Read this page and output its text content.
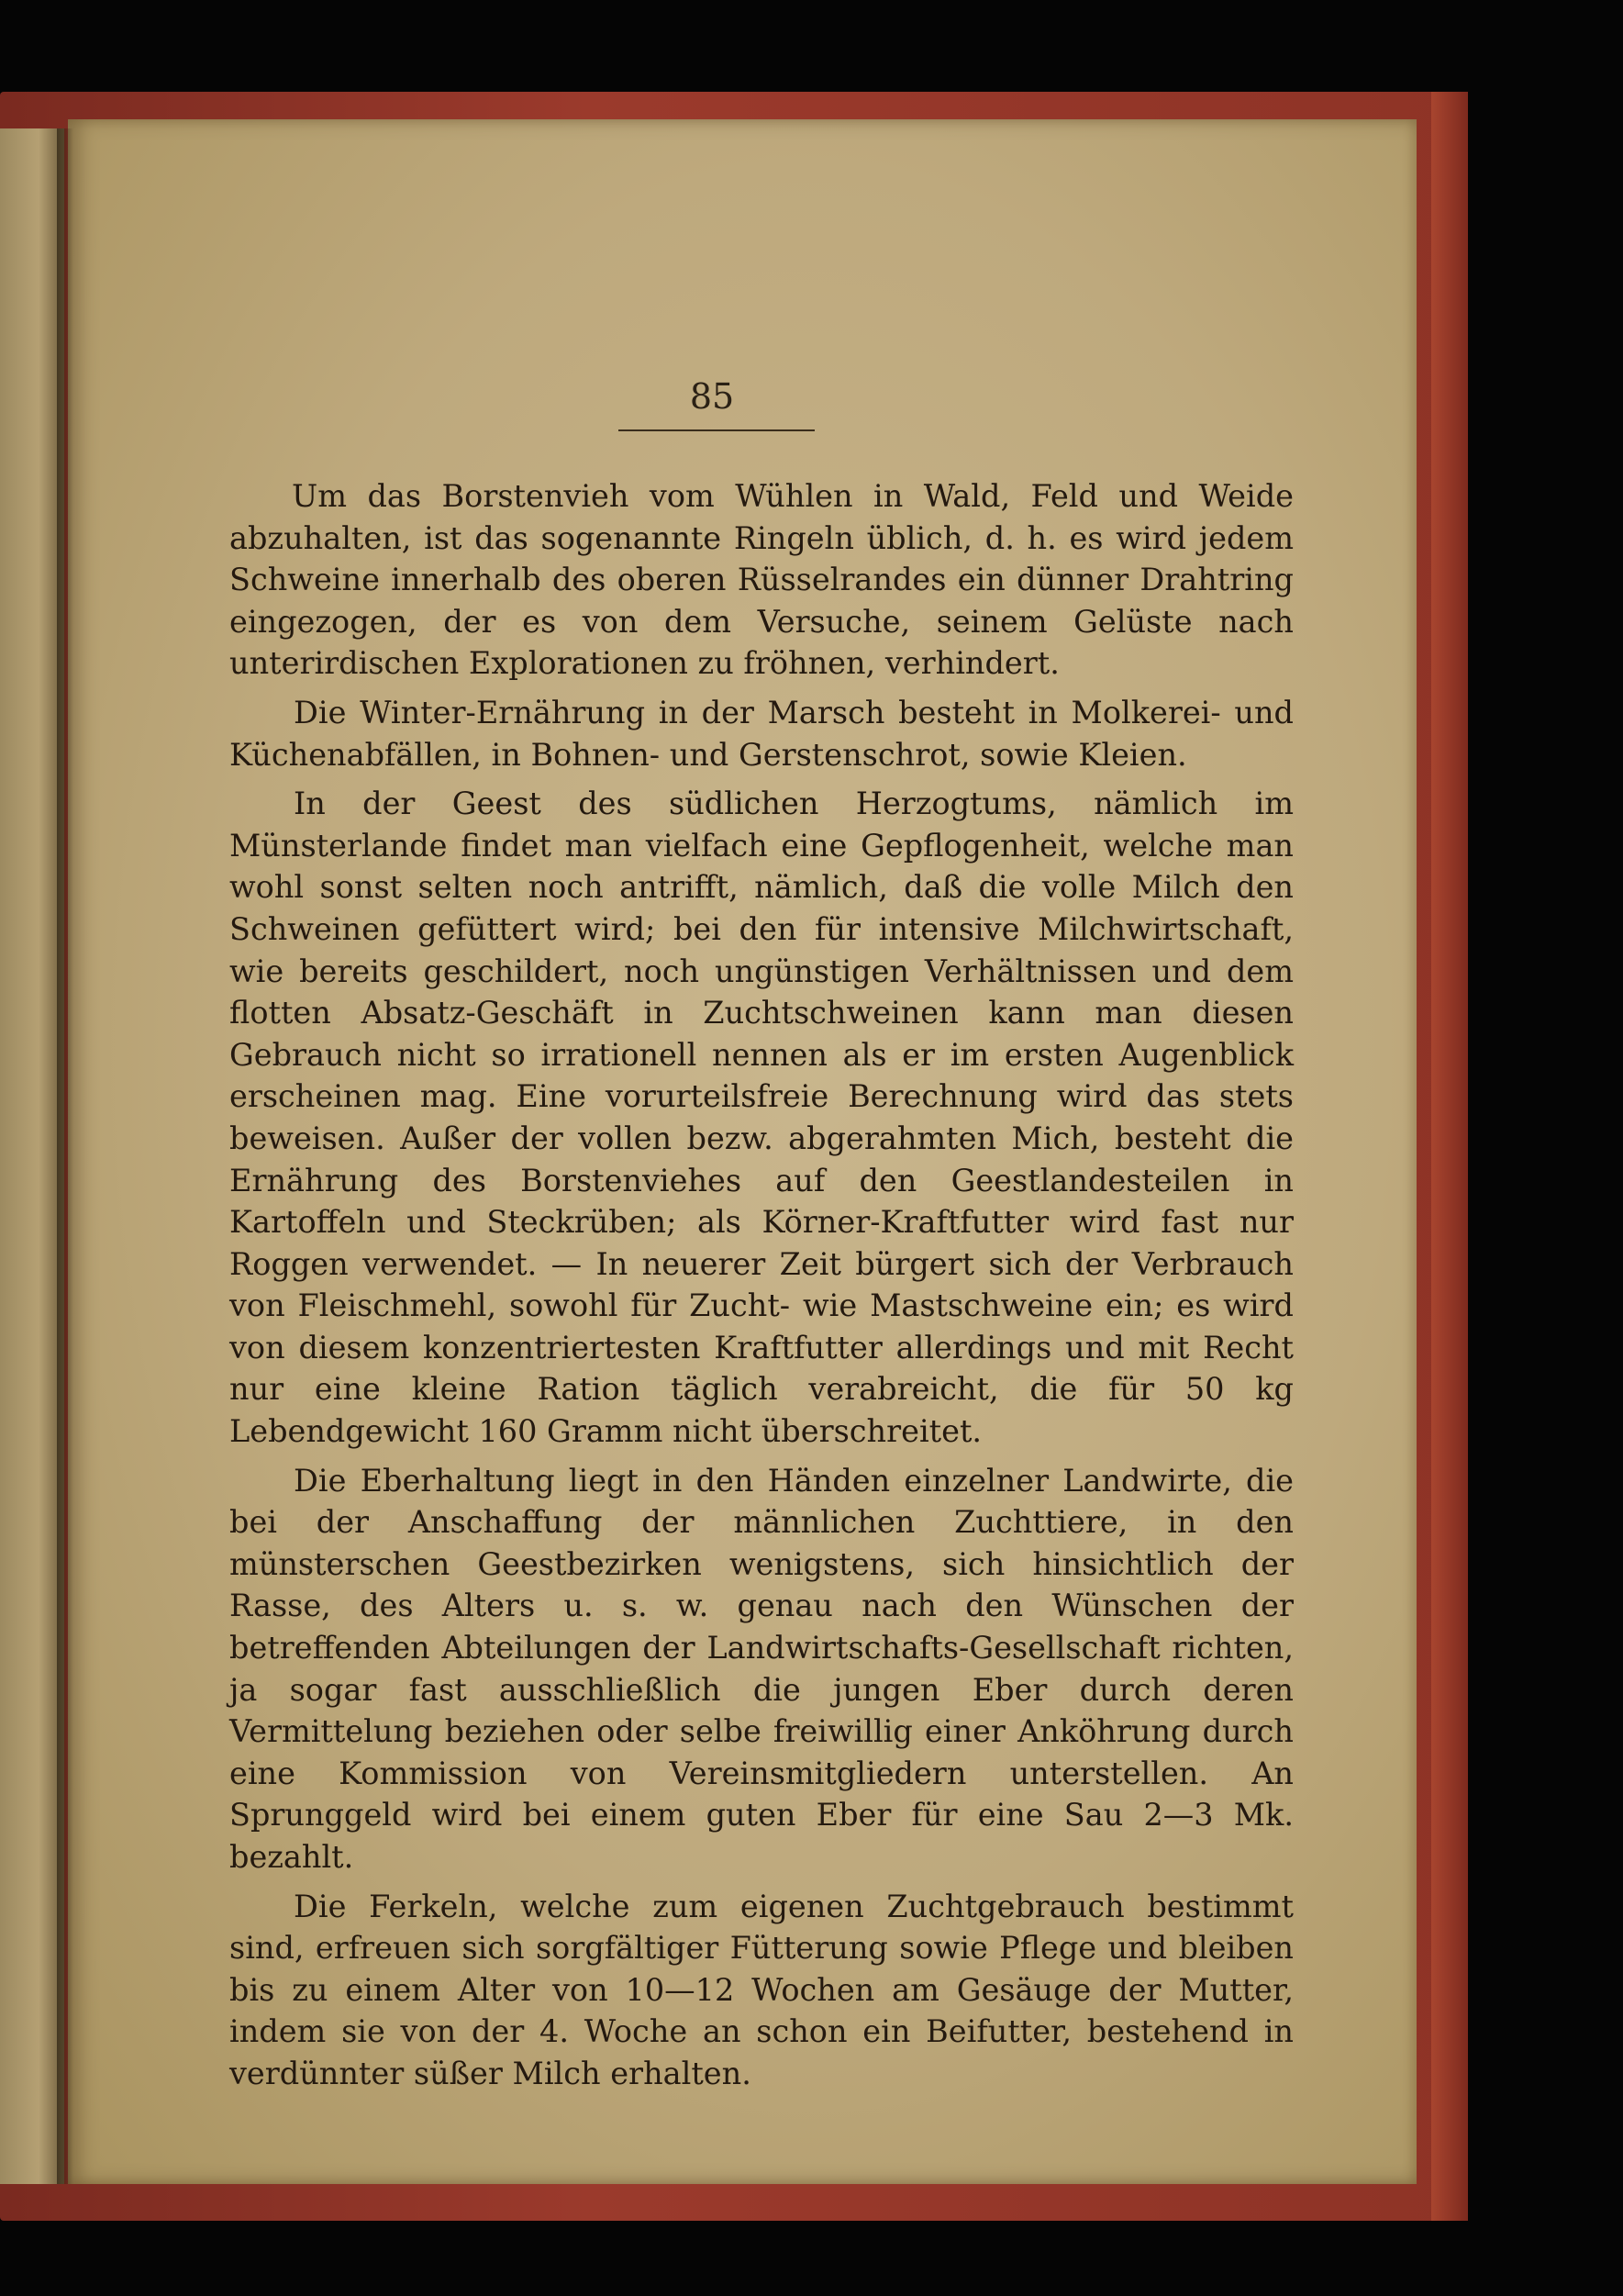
85

Um das Borstenvieh vom Wühlen in Wald, Feld und Weide abzuhalten, ist das sogenannte Ringeln üblich, d. h. es wird jedem Schweine innerhalb des oberen Rüsselrandes ein dünner Drahtring eingezogen, der es von dem Versuche, seinem Gelüste nach unterirdischen Explorationen zu fröhnen, verhindert.

Die Winter-Ernährung in der Marsch besteht in Molkerei- und Küchenabfällen, in Bohnen- und Gerstenschrot, sowie Kleien.

In der Geest des südlichen Herzogtums, nämlich im Münsterlande findet man vielfach eine Gepflogenheit, welche man wohl sonst selten noch antrifft, nämlich, daß die volle Milch den Schweinen gefüttert wird; bei den für intensive Milchwirtschaft, wie bereits geschildert, noch ungünstigen Verhältnissen und dem flotten Absatz-Geschäft in Zuchtschweinen kann man diesen Gebrauch nicht so irrationell nennen als er im ersten Augenblick erscheinen mag. Eine vorurteilsfreie Berechnung wird das stets beweisen. Außer der vollen bezw. abgerahmten Mich, besteht die Ernährung des Borstenviehes auf den Geestlandesteilen in Kartoffeln und Steckrüben; als Körner-Kraftfutter wird fast nur Roggen verwendet. — In neuerer Zeit bürgert sich der Verbrauch von Fleischmehl, sowohl für Zucht- wie Mastschweine ein; es wird von diesem konzentriertesten Kraftfutter allerdings und mit Recht nur eine kleine Ration täglich verabreicht, die für 50 kg Lebendgewicht 160 Gramm nicht überschreitet.

Die Eberhaltung liegt in den Händen einzelner Landwirte, die bei der Anschaffung der männlichen Zuchttiere, in den münsterschen Geestbezirken wenigstens, sich hinsichtlich der Rasse, des Alters u. s. w. genau nach den Wünschen der betreffenden Abteilungen der Landwirtschafts-Gesellschaft richten, ja sogar fast ausschließlich die jungen Eber durch deren Vermittelung beziehen oder selbe freiwillig einer Anköhrung durch eine Kommission von Vereinsmitgliedern unterstellen. An Sprunggeld wird bei einem guten Eber für eine Sau 2—3 Mk. bezahlt.

Die Ferkeln, welche zum eigenen Zuchtgebrauch bestimmt sind, erfreuen sich sorgfältiger Fütterung sowie Pflege und bleiben bis zu einem Alter von 10—12 Wochen am Gesäuge der Mutter, indem sie von der 4. Woche an schon ein Beifutter, bestehend in verdünnter süßer Milch erhalten.
